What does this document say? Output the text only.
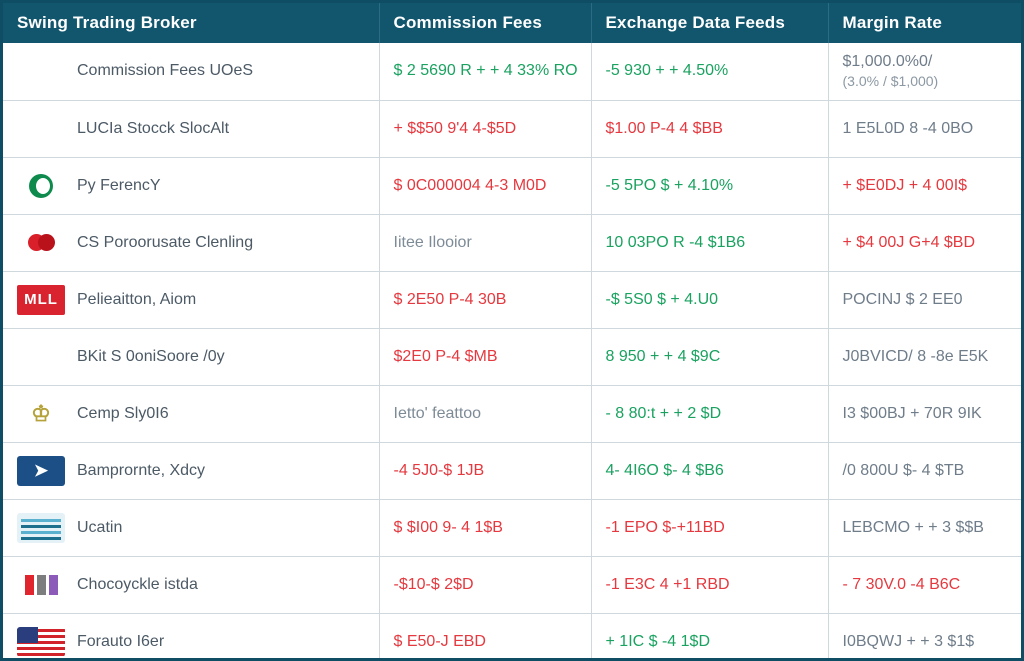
Swing Trading Broker	Commission Fees	Exchange Data Feeds	Margin Rate

Commission Fees UOeS	$ 2 5690 R + + 4 33% RO	-5 930 + + 4.50%	$1,000.0%0/
(3.0% / $1,000)

LUCIa Stocck SlocAlt	+ $$50 9'4 4-$5D	$1.00 P-4 4 $BB	1 E5L0D 8 -4 0BO

Py FerencY	$ 0C000004 4-3 M0D	-5 5PO $ + 4.10%	+ $E0DJ + 4 00I$

CS Poroorusate Clenling	Iitee Ilooior	10 03PO R -4 $1B6	+ $4 00J G+4 $BD

MLL Pelieaitton, Aiom	$ 2E50 P-4 30B	-$ 5S0 $ + 4.U0	POCINJ $ 2 EE0

BKit S 0oniSoore /0y	$2E0 P-4 $MB	8 950 + + 4 $9C	J0BVICD/ 8 -8e E5K

♔ Cemp Sly0I6	Ietto' feattoo	- 8 80:t + + 2 $D	I3 $00BJ + 70R 9IK

➤ Bamprornte, Xdcy	-4 5J0-$ 1JB	4- 4I6O $- 4 $B6	/0 800U $- 4 $TB

Ucatin	$ $I00 9- 4 1$B	-1 EPO $-+11BD	LEBCMO + + 3 $$B

Chocoyckle istda	-$10-$ 2$D	-1 E3C 4 +1 RBD	- 7 30V.0 -4 B6C

Forauto I6er	$ E50-J EBD	+ 1IC $ -4 1$D	I0BQWJ + + 3 $1$
